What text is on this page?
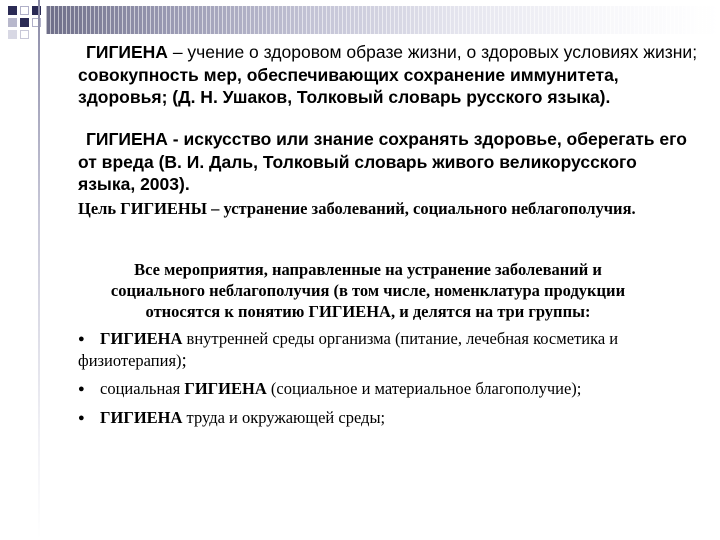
ГИГИЕНА – учение о здоровом образе жизни, о здоровых условиях жизни; совокупность мер, обеспечивающих сохранение иммунитета, здоровья; (Д. Н. Ушаков, Толковый словарь русского языка).

ГИГИЕНА - искусство или знание сохранять здоровье, оберегать его от вреда (В. И. Даль, Толковый словарь живого великорусского языка, 2003).

Цель ГИГИЕНЫ – устранение заболеваний, социального неблагополучия.

Все мероприятия, направленные на устранение заболеваний и социального неблагополучия (в том числе, номенклатура продукции относятся к понятию ГИГИЕНА, и делятся на три группы:

● ГИГИЕНА внутренней среды организма (питание, лечебная косметика и физиотерапия);

● социальная ГИГИЕНА (социальное и материальное благополучие);

● ГИГИЕНА труда и окружающей среды;
